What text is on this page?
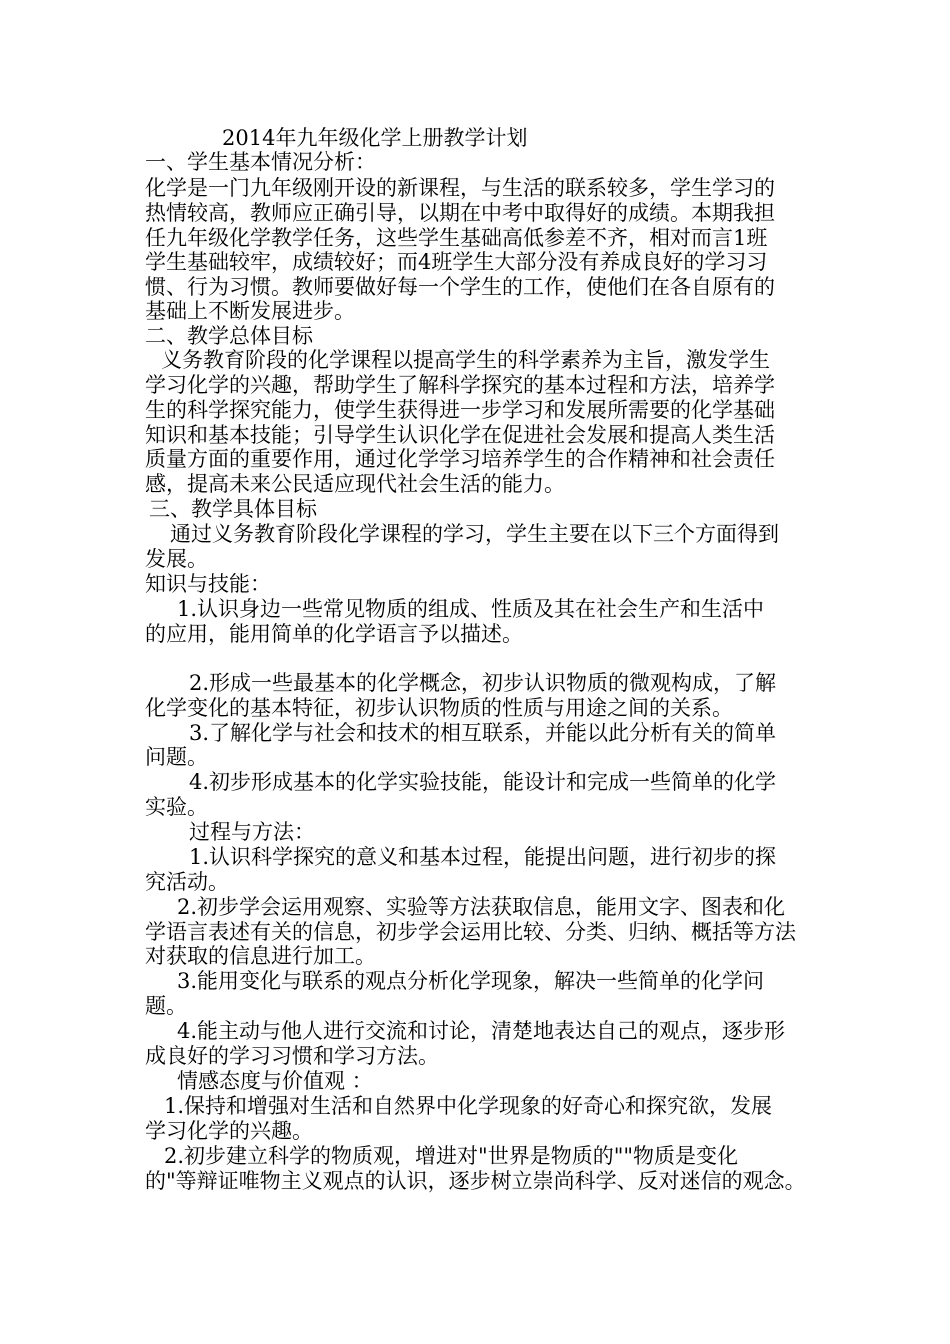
2014年九年级化学上册教学计划
一、学生基本情况分析：
化学是一门九年级刚开设的新课程，与生活的联系较多，学生学习的
热情较高，教师应正确引导，以期在中考中取得好的成绩。本期我担
任九年级化学教学任务，这些学生基础高低参差不齐，相对而言1班
学生基础较牢，成绩较好；而4班学生大部分没有养成良好的学习习
惯、行为习惯。教师要做好每一个学生的工作，使他们在各自原有的
基础上不断发展进步。
二、教学总体目标
义务教育阶段的化学课程以提高学生的科学素养为主旨，激发学生
学习化学的兴趣，帮助学生了解科学探究的基本过程和方法，培养学
生的科学探究能力，使学生获得进一步学习和发展所需要的化学基础
知识和基本技能；引导学生认识化学在促进社会发展和提高人类生活
质量方面的重要作用，通过化学学习培养学生的合作精神和社会责任
感，提高未来公民适应现代社会生活的能力。
三、教学具体目标
通过义务教育阶段化学课程的学习，学生主要在以下三个方面得到
发展。
知识与技能：
1.认识身边一些常见物质的组成、性质及其在社会生产和生活中
的应用，能用简单的化学语言予以描述。
2.形成一些最基本的化学概念，初步认识物质的微观构成，了解
化学变化的基本特征，初步认识物质的性质与用途之间的关系。
3.了解化学与社会和技术的相互联系，并能以此分析有关的简单
问题。
4.初步形成基本的化学实验技能，能设计和完成一些简单的化学
实验。
过程与方法：
1.认识科学探究的意义和基本过程，能提出问题，进行初步的探
究活动。
2.初步学会运用观察、实验等方法获取信息，能用文字、图表和化
学语言表述有关的信息，初步学会运用比较、分类、归纳、概括等方法
对获取的信息进行加工。
3.能用变化与联系的观点分析化学现象，解决一些简单的化学问
题。
4.能主动与他人进行交流和讨论，清楚地表达自己的观点，逐步形
成良好的学习习惯和学习方法。
情感态度与价值观 ：
1.保持和增强对生活和自然界中化学现象的好奇心和探究欲，发展
学习化学的兴趣。
2.初步建立科学的物质观，增进对"世界是物质的""物质是变化
的"等辩证唯物主义观点的认识，逐步树立崇尚科学、反对迷信的观念。
